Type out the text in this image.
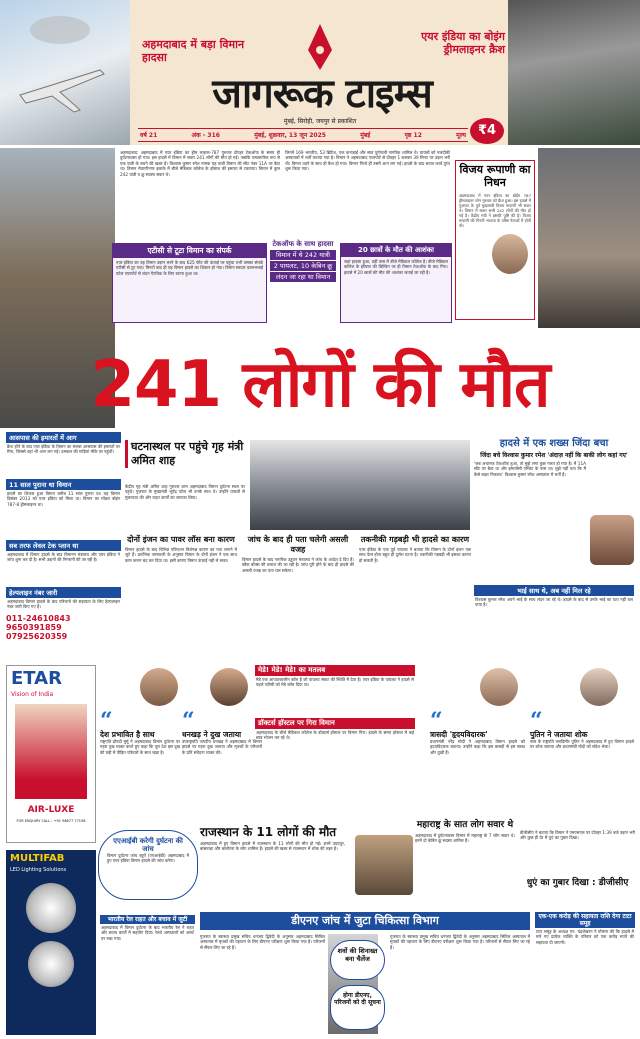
अहमदाबाद में बड़ा विमान हादसा
एयर इंडिया का बोइंग ड्रीमलाइनर क्रैश
जागरूक टाइम्स
मुंबई, सिरोही, जयपुर से प्रकाशित
वर्ष 21	अंक - 316	मुंबई, शुक्रवार, 13 जून 2025	मुंबई	पृष्ठ 12	मूल्य ₹4
अहमदाबाद: अहमदाबाद में एयर इंडिया का ड्रीम लाइनर-787 गुरुवार दोपहर टेकऑफ के समय ही दुर्घटनाग्रस्त हो गया। इस हादसे में विमान में सवार 241 लोगों की मौत हो गई। जबकि चमत्कारिक रूप से एक यात्री के बचने की खबर है। विश्वास कुमार रमेश नामक यह यात्री विमान की सीट नंबर 11A पर बैठा था। विमान मेघाणीनगर इलाके में बीजे मेडिकल कॉलेज के हॉस्टल की इमारत से टकराया। विमान में कुल 242 यात्री व क्रू सदस्य सवार थे।
जिनमें 169 भारतीय, 53 ब्रिटिश, एक कनाडाई और सात पुर्तगाली नागरिक शामिल थे। घायलों को नजदीकी अस्पतालों में भर्ती कराया गया है। विमान ने अहमदाबाद एयरपोर्ट से दोपहर 1 बजकर 39 मिनट पर उड़ान भरी थी। विमान उड़ने के साथ ही कैश हो गया। विमान गिरते ही उसमें आग लग गई। हादसे के बाद बचाव कार्य तुरंत शुरू किया गया।	विजय रूपाणी का निधन
अहमदाबाद में एयर इंडिया का बोईंग 787 ड्रीमलाइनर प्लेन गुरुवार को क्रैश हुआ। इस हादसे में गुजरात के पूर्व मुख्यमंत्री विजय रूपाणी भी सवार थे। विमान में सवार सभी 242 लोगों की मौत हो गई है। केंद्रीय मंत्री ने इसकी पुष्टि की है। विजय रूपाणी की गिनती भाजपा के वरिष्ठ नेताओं में होती थी।
एटीसी से टूटा विमान का संपर्क
एयर इंडिया का यह विमान उड़ान भरने के बाद 625 फीट की ऊंचाई पर पहुंचा तभी उसका संपर्क एटीसी से टूट गया। मिनटों बाद ही यह विमान हादसे का शिकार हो गया। विमान सरदार वल्लभभाई पटेल एयरपोर्ट से लंदन गैटविक के लिए रवाना हुआ था।
टेकऑफ के साथ हादसा
विमान में थे 242 यात्री
2 पायलट, 10 केबिन क्रू
लंदन जा रहा था विमान
20 छात्रों के मौत की आशंका
जहां हादसा हुआ, वहीं पास में बीजे मेडिकल कॉलेज है। बीजे मेडिकल कॉलेज के हॉस्टल की बिल्डिंग पर ही विमान टेकऑफ के बाद गिरा। हादसे में 20 छात्रों की मौत की आशंका जताई जा रही है।
241 लोगों की मौत
आसपास की इमारतों में आग
क्रैश होने के बाद एयर इंडिया के विमान का मलबा आसपास की इमारतों पर गिरा, जिससे वहां भी आग लग गई। दमकल की गाड़ियां मौके पर पहुंचीं।
11 साल पुराना था विमान
हादसे का शिकार हुआ विमान करीब 11 साल पुराना था। यह विमान दिसंबर 2013 को एयर इंडिया को मिला था। विमान का मॉडल बोइंग 787-8 ड्रीमलाइनर था।
सब तरफ लेवल टेक प्लान था
अहमदाबाद में विमान हादसे के बाद विमानन मंत्रालय और एयर इंडिया ने जांच शुरू कर दी है। सभी उड़ानों की निगरानी की जा रही है।
हेल्पलाइन नंबर जारी
अहमदाबाद विमान हादसे के बाद परिजनों की सहायता के लिए हेल्पलाइन नंबर जारी किए गए हैं।
011-24610843
9650391859
07925620359
घटनास्थल पर पहुंचे गृह मंत्री अमित शाह
केंद्रीय गृह मंत्री अमित शाह गुरुवार शाम अहमदाबाद विमान दुर्घटना स्थल पर पहुंचे। गुजरात के मुख्यमंत्री भूपेंद्र पटेल भी उनके साथ थे। उन्होंने घायलों से मुलाकात की और राहत कार्यों का जायजा लिया।
हादसे में एक शख्स जिंदा बचा
जिंदा बचे विश्वास कुमार रमेश 'अंदाज़ नहीं कि बाकी लोग कहां गए'
'जब अचानक टेकऑफ हुआ, तो मुझे लगा कुछ गलत हो गया है। मैं 11A सीट पर बैठा था और इमरजेंसी एग्जिट के पास था। मुझे नहीं पता कि मैं कैसे बाहर निकला।' विश्वास कुमार रमेश अस्पताल में भर्ती हैं।
भाई साथ थे, अब नहीं मिल रहे
विश्वास कुमार रमेश अपने भाई के साथ लंदन जा रहे थे। हादसे के बाद से उनके भाई का पता नहीं चल पाया है।
दोनों इंजन का पावर लॉस बना कारण
विमान हादसे के बाद विभिन्न एविएशन विशेषज्ञ कारण का पता लगाने में जुटे हैं। प्रारंभिक जानकारी के अनुसार विमान के दोनों इंजन ने एक साथ काम करना बंद कर दिया था। इसी कारण विमान ऊंचाई नहीं ले सका।
जांच के बाद ही पता चलेगी असली वजह
विमान हादसे के बाद नागरिक उड्डयन मंत्रालय ने जांच के आदेश दे दिए हैं। ब्लैक बॉक्स की तलाश की जा रही है। जांच पूरी होने के बाद ही हादसे की असली वजह का पता चल सकेगा।
तकनीकी गड़बड़ी भी हादसे का कारण
एयर इंडिया के एक पूर्व पायलट ने बताया कि विमान के दोनों इंजन एक साथ फेल होना बहुत ही दुर्लभ घटना है। तकनीकी गड़बड़ी भी इसका कारण हो सकती है।
ETAR
Vision of India
AIR-LUXE
FOR ENQUIRY CALL : +91 98677 77158
मेडे! मेडे! मेडे! का मतलब
मेडे एक आपातकालीन कॉल है जो पायलट संकट की स्थिति में देता है। एयर इंडिया के पायलट ने हादसे से पहले एटीसी को मेडे कॉल दिया था।
डॉक्टर्स हॉस्टल पर गिरा विमान
अहमदाबाद के बीजे मेडिकल कॉलेज के डॉक्टर्स हॉस्टल पर विमान गिरा। हादसे के समय हॉस्टल में कई छात्र भोजन कर रहे थे।
“
देश प्रभावित है साथ
राष्ट्रपति द्रौपदी मुर्मू ने अहमदाबाद विमान दुर्घटना पर गहरा दुख व्यक्त करते हुए कहा कि पूरा देश इस दुख की घड़ी में पीड़ित परिवारों के साथ खड़ा है।
“
धनखड़ ने दुख जताया
उपराष्ट्रपति जगदीप धनखड़ ने अहमदाबाद में विमान हादसे पर गहरा दुख जताया और मृतकों के परिजनों के प्रति संवेदना व्यक्त की।
“
त्रासदी 'हृदयविदारक'
प्रधानमंत्री नरेंद्र मोदी ने अहमदाबाद विमान हादसे को हृदयविदारक बताया। उन्होंने कहा कि इस त्रासदी से हम स्तब्ध और दुखी हैं।
“
पुतिन ने जताया शोक
रूस के राष्ट्रपति व्लादिमीर पुतिन ने अहमदाबाद में हुए विमान हादसे पर शोक जताया और प्रधानमंत्री मोदी को संदेश भेजा।
एएआईबी करेगी दुर्घटना की जांच
विमान दुर्घटना जांच ब्यूरो (एएआईबी) अहमदाबाद में हुए एयर इंडिया विमान हादसे की जांच करेगा।
राजस्थान के 11 लोगों की मौत
अहमदाबाद में हुए विमान हादसे में राजस्थान के 11 लोगों की मौत हो गई। इनमें उदयपुर, बांसवाड़ा और बालोतरा के लोग शामिल हैं। हादसे की खबर से राजस्थान में शोक की लहर है।
महाराष्ट्र के सात लोग सवार थे
अहमदाबाद में दुर्घटनाग्रस्त विमान में महाराष्ट्र के 7 लोग सवार थे। इनमें दो केबिन क्रू सदस्य शामिल हैं।
डीजीसीए ने बताया कि विमान ने एमएसएल पर दोपहर 1:39 बजे उड़ान भरी और कुछ ही देर में धुएं का गुबार दिखा।
धुएं का गुबार दिखा : डीजीसीए
MULTIFAB
LED Lighting Solutions
भारतीय रेल राहत और बचाव में जुटी
अहमदाबाद में विमान दुर्घटना के बाद भारतीय रेल ने राहत और बचाव कार्यों में सहयोग दिया। रेलवे अस्पतालों को अलर्ट पर रखा गया।
डीएनए जांच में जुटा चिकित्सा विभाग
गुजरात के स्वास्थ्य प्रमुख सचिव धनंजय द्विवेदी के अनुसार अहमदाबाद सिविल अस्पताल में मृतकों की पहचान के लिए डीएनए परीक्षण शुरू किया गया है। परिजनों से सैंपल लिए जा रहे हैं।	शवों की शिनाख्त बना चैलेंज
होगा डीएनए, परिजनों को दी सूचना
गुजरात के स्वास्थ्य प्रमुख सचिव धनंजय द्विवेदी के अनुसार अहमदाबाद सिविल अस्पताल में मृतकों की पहचान के लिए डीएनए परीक्षण शुरू किया गया है। परिजनों से सैंपल लिए जा रहे हैं।
एक-एक करोड़ की सहायता राशि देगा टाटा समूह
टाटा समूह के अध्यक्ष एन. चंद्रशेखरन ने घोषणा की कि हादसे में मारे गए प्रत्येक व्यक्ति के परिवार को एक करोड़ रुपये की सहायता दी जाएगी।
